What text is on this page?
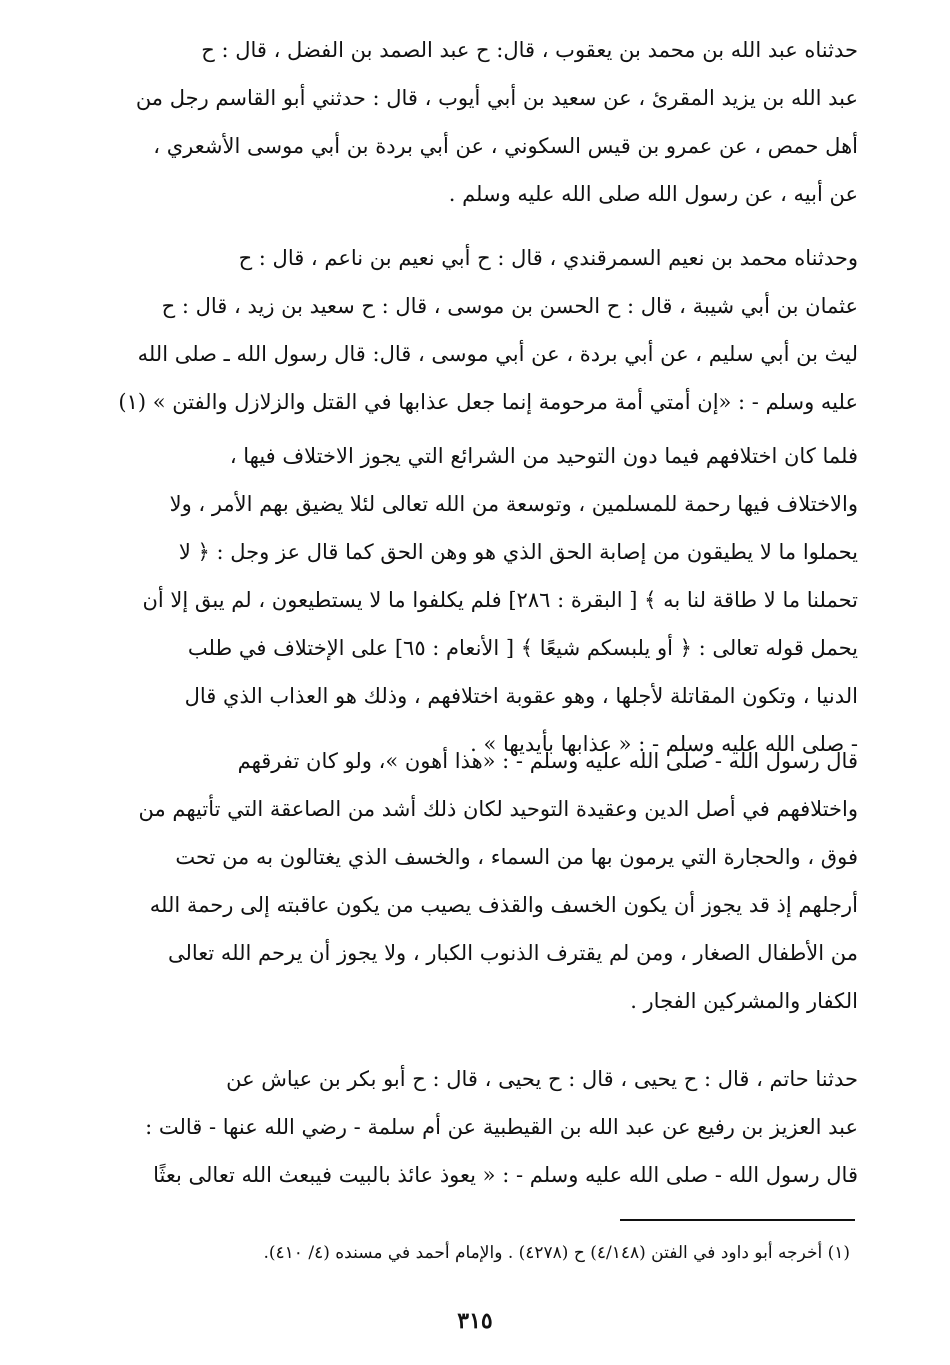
حدثناه عبد الله بن محمد بن يعقوب ، قال: ح عبد الصمد بن الفضل ، قال : ح
عبد الله بن يزيد المقرئ ، عن سعيد بن أبي أيوب ، قال : حدثني أبو القاسم رجل من
أهل حمص ، عن عمرو بن قيس السكوني ، عن أبي بردة بن أبي موسى الأشعري ،
عن أبيه ، عن رسول الله صلى الله عليه وسلم .
وحدثناه محمد بن نعيم السمرقندي ، قال : ح أبي نعيم بن ناعم ، قال : ح
عثمان بن أبي شيبة ، قال : ح الحسن بن موسى ، قال : ح سعيد بن زيد ، قال : ح
ليث بن أبي سليم ، عن أبي بردة ، عن أبي موسى ، قال: قال رسول الله ـ صلى الله
عليه وسلم - : «إن أمتي أمة مرحومة إنما جعل عذابها في القتل والزلازل والفتن » (١)
فلما كان اختلافهم فيما دون التوحيد من الشرائع التي يجوز الاختلاف فيها ،
والاختلاف فيها رحمة للمسلمين ، وتوسعة من الله تعالى لئلا يضيق بهم الأمر ، ولا
يحملوا ما لا يطيقون من إصابة الحق الذي هو وهن الحق كما قال عز وجل : ﴿ لا
تحملنا ما لا طاقة لنا به ﴾ [ البقرة : ٢٨٦] فلم يكلفوا ما لا يستطيعون ، لم يبق إلا أن
يحمل قوله تعالى : ﴿ أو يلبسكم شيعًا ﴾ [ الأنعام : ٦٥] على الإختلاف في طلب
الدنيا ، وتكون المقاتلة لأجلها ، وهو عقوبة اختلافهم ، وذلك هو العذاب الذي قال
- صلى الله عليه وسلم - : « عذابها بأيديها » .
قال رسول الله - صلى الله عليه وسلم - : «هذا أهون »، ولو كان تفرقهم
واختلافهم في أصل الدين وعقيدة التوحيد لكان ذلك أشد من الصاعقة التي تأتيهم من
فوق ، والحجارة التي يرمون بها من السماء ، والخسف الذي يغتالون به من تحت
أرجلهم إذ قد يجوز أن يكون الخسف والقذف يصيب من يكون عاقبته إلى رحمة الله
من الأطفال الصغار ، ومن لم يقترف الذنوب الكبار ، ولا يجوز أن يرحم الله تعالى
الكفار والمشركين الفجار .
حدثنا حاتم ، قال : ح يحيى ، قال : ح يحيى ، قال : ح أبو بكر بن عياش عن
عبد العزيز بن رفيع عن عبد الله بن القيطبية عن أم سلمة - رضي الله عنها - قالت :
قال رسول الله - صلى الله عليه وسلم - : « يعوذ عائذ بالبيت فيبعث الله تعالى بعثًا
(١) أخرجه أبو داود في الفتن (٤/١٤٨) ح (٤٢٧٨) . والإمام أحمد في مسنده (٤/ ٤١٠).
٣١٥
